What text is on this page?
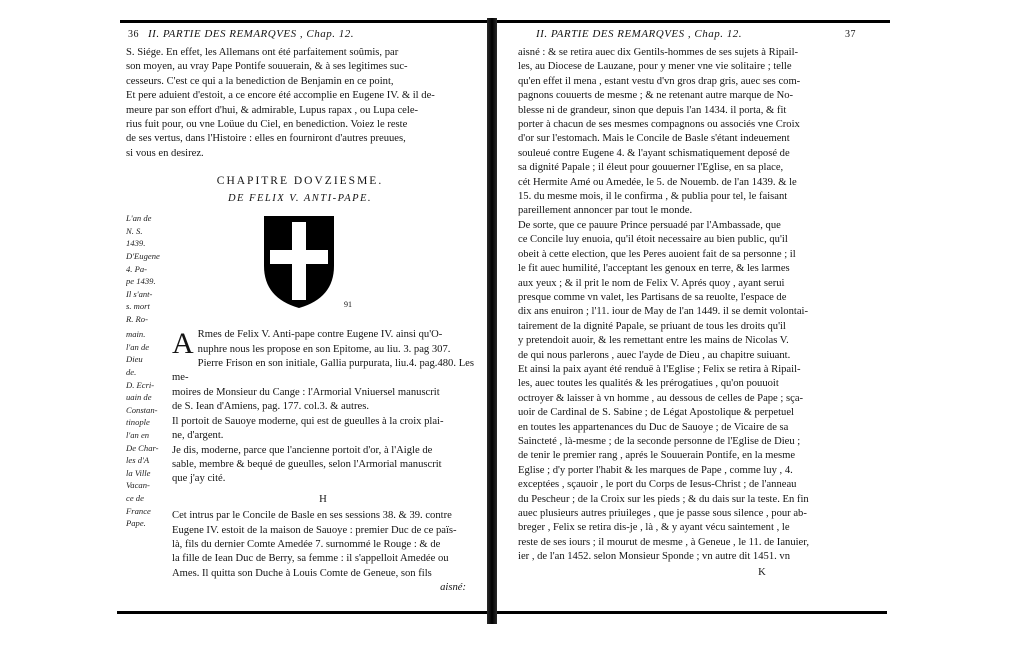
36 II. PARTIE DES REMARQVES , Chap. 12.
S. Siége. En effet, les Allemans ont été parfaitement soûmis, par
son moyen, au vray Pape Pontife souuerain, & à ses legitimes suc-
cesseurs. C'est ce qui a la benediction de Benjamin en ce point,
Et pere aduient d'estoit, a ce encore été accomplie en Eugene IV. & il de-
meure par son effort d'hui, & admirable, Lupus rapax , ou Lupa cele-
rius fuit pour, ou vne Loüue du Ciel, en benediction. Voiez le reste
de ses vertus, dans l'Histoire : elles en fourniront d'autres preuues,
si vous en desirez.
CHAPITRE DOVZIESME.
DE FELIX V. ANTI-PAPE.
L'an de
N. S.
1439.
D'Eugene
4. Pa-
pe 1439.
Il s'ant-
s. mort
R. Ro-
91
main.
l'an de
Dieu
de.
D. Ecri-
uain de
Constan-
tinople
l'an en
De Char-
les d'A
la Ville
Vacan-
ce de
France
Pape.
A Rmes de Felix V. Anti-pape contre Eugene IV. ainsi qu'O-
nuphre nous les propose en son Epitome, au liu. 3. pag 307.
Pierre Frison en son initiale, Gallia purpurata, liu.4. pag.480. Les me-
moires de Monsieur du Cange : l'Armorial Vniuersel manuscrit
de S. Iean d'Amiens, pag. 177. col.3. & autres.
Il portoit de Sauoye moderne, qui est de gueulles à la croix plai-
ne, d'argent.
Je dis, moderne, parce que l'ancienne portoit d'or, à l'Aigle de
sable, membre & bequé de gueulles, selon l'Armorial manuscrit
que j'ay cité.
H
Cet intrus par le Concile de Basle en ses sessions 38. & 39. contre
Eugene IV. estoit de la maison de Sauoye : premier Duc de ce païs-
là, fils du dernier Comte Amedée 7. surnommé le Rouge : & de
la fille de Iean Duc de Berry, sa femme : il s'appelloit Amedée ou
Ames. Il quitta son Duche à Louis Comte de Geneue, son fils
aisné:
II. PARTIE DES REMARQVES , Chap. 12.	37
aisné : & se retira auec dix Gentils-hommes de ses sujets à Ripail-
les, au Diocese de Lauzane, pour y mener vne vie solitaire ; telle
qu'en effet il mena , estant vestu d'vn gros drap gris, auec ses com-
pagnons couuerts de mesme ; & ne retenant autre marque de No-
blesse ni de grandeur, sinon que depuis l'an 1434. il porta, & fit
porter à chacun de ses mesmes compagnons ou associés vne Croix
d'or sur l'estomach. Mais le Concile de Basle s'étant indeuement
souleué contre Eugene 4. & l'ayant schismatiquement deposé de
sa dignité Papale ; il éleut pour gouuerner l'Eglise, en sa place,
cét Hermite Amé ou Amedée, le 5. de Nouemb. de l'an 1439. & le
15. du mesme mois, il le confirma , & publia pour tel, le faisant
pareillement annoncer par tout le monde.
De sorte, que ce pauure Prince persuadé par l'Ambassade, que
ce Concile luy enuoia, qu'il étoit necessaire au bien public, qu'il
obeit à cette election, que les Peres auoient fait de sa personne ; il
le fit auec humilité, l'acceptant les genoux en terre, & les larmes
aux yeux ; & il prit le nom de Felix V. Aprés quoy , ayant serui
presque comme vn valet, les Partisans de sa reuolte, l'espace de
dix ans enuiron ; l'11. iour de May de l'an 1449. il se demit volontai-
tairement de la dignité Papale, se priuant de tous les droits qu'il
y pretendoit auoir, & les remettant entre les mains de Nicolas V.
de qui nous parlerons , auec l'ayde de Dieu , au chapitre suiuant.
Et ainsi la paix ayant été renduë à l'Eglise ; Felix se retira à Ripail-
les, auec toutes les qualités & les prérogatiues , qu'on pouuoit
octroyer & laisser à vn homme , au dessous de celles de Pape ; sça-
uoir de Cardinal de S. Sabine ; de Légat Apostolique & perpetuel
en toutes les appartenances du Duc de Sauoye ; de Vicaire de sa
Saincteté , là-mesme ; de la seconde personne de l'Eglise de Dieu ;
de tenir le premier rang , aprés le Souuerain Pontife, en la mesme
Eglise ; d'y porter l'habit & les marques de Pape , comme luy , 4.
exceptées , sçauoir , le port du Corps de Iesus-Christ ; de l'anneau
du Pescheur ; de la Croix sur les pieds ; & du dais sur la teste. En fin
auec plusieurs autres priuileges , que je passe sous silence , pour ab-
breger , Felix se retira dis-je , là , & y ayant vécu saintement , le
reste de ses iours ; il mourut de mesme , à Geneue , le 11. de Ianuier,
ier , de l'an 1452. selon Monsieur Sponde ; vn autre dit 1451. vn
K
